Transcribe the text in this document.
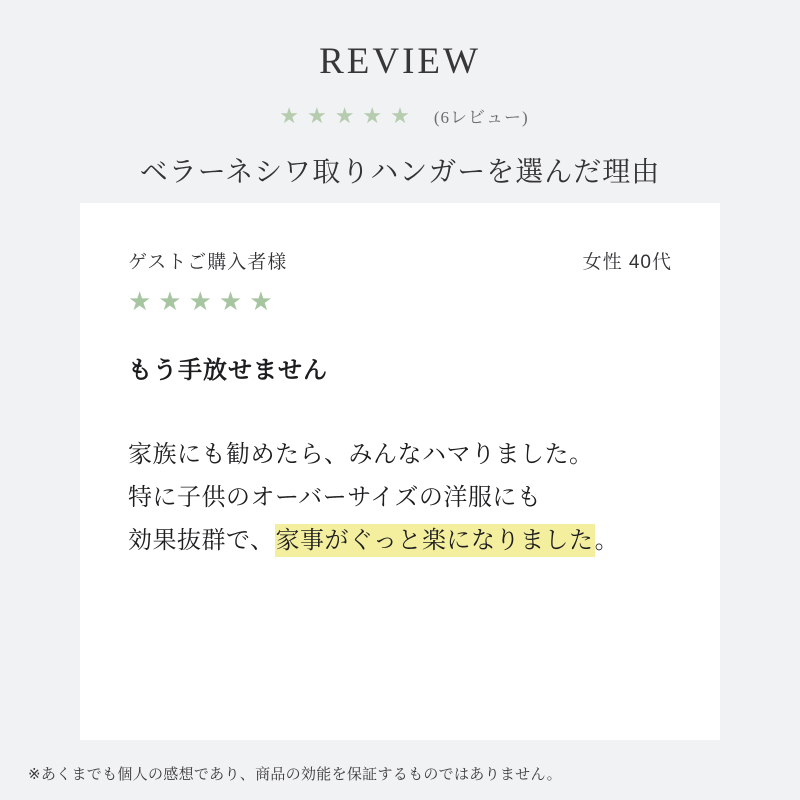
REVIEW
★★★★★ (6レビュー)
ベラーネシワ取りハンガーを選んだ理由
ゲストご購入者様	女性 40代
★★★★★
もう手放せません
家族にも勧めたら、みんなハマりました。
特に子供のオーバーサイズの洋服にも
効果抜群で、家事がぐっと楽になりました。
※あくまでも個人の感想であり、商品の効能を保証するものではありません。
